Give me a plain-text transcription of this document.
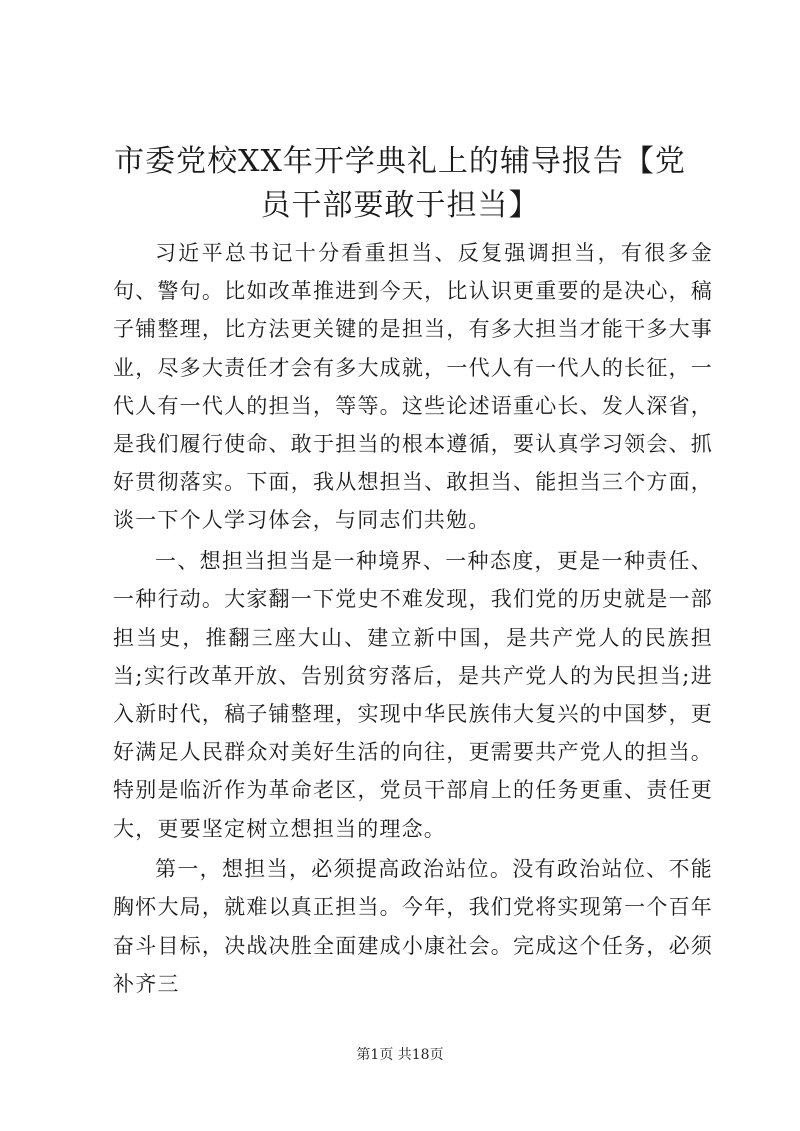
市委党校XX年开学典礼上的辅导报告【党员干部要敢于担当】

习近平总书记十分看重担当、反复强调担当，有很多金句、警句。比如改革推进到今天，比认识更重要的是决心，稿子铺整理，比方法更关键的是担当，有多大担当才能干多大事业，尽多大责任才会有多大成就，一代人有一代人的长征，一代人有一代人的担当，等等。这些论述语重心长、发人深省，是我们履行使命、敢于担当的根本遵循，要认真学习领会、抓好贯彻落实。下面，我从想担当、敢担当、能担当三个方面，谈一下个人学习体会，与同志们共勉。

一、想担当担当是一种境界、一种态度，更是一种责任、一种行动。大家翻一下党史不难发现，我们党的历史就是一部担当史，推翻三座大山、建立新中国，是共产党人的民族担当;实行改革开放、告别贫穷落后，是共产党人的为民担当;进入新时代，稿子铺整理，实现中华民族伟大复兴的中国梦，更好满足人民群众对美好生活的向往，更需要共产党人的担当。特别是临沂作为革命老区，党员干部肩上的任务更重、责任更大，更要坚定树立想担当的理念。

第一，想担当，必须提高政治站位。没有政治站位、不能胸怀大局，就难以真正担当。今年，我们党将实现第一个百年奋斗目标，决战决胜全面建成小康社会。完成这个任务，必须补齐三

第1页 共18页
